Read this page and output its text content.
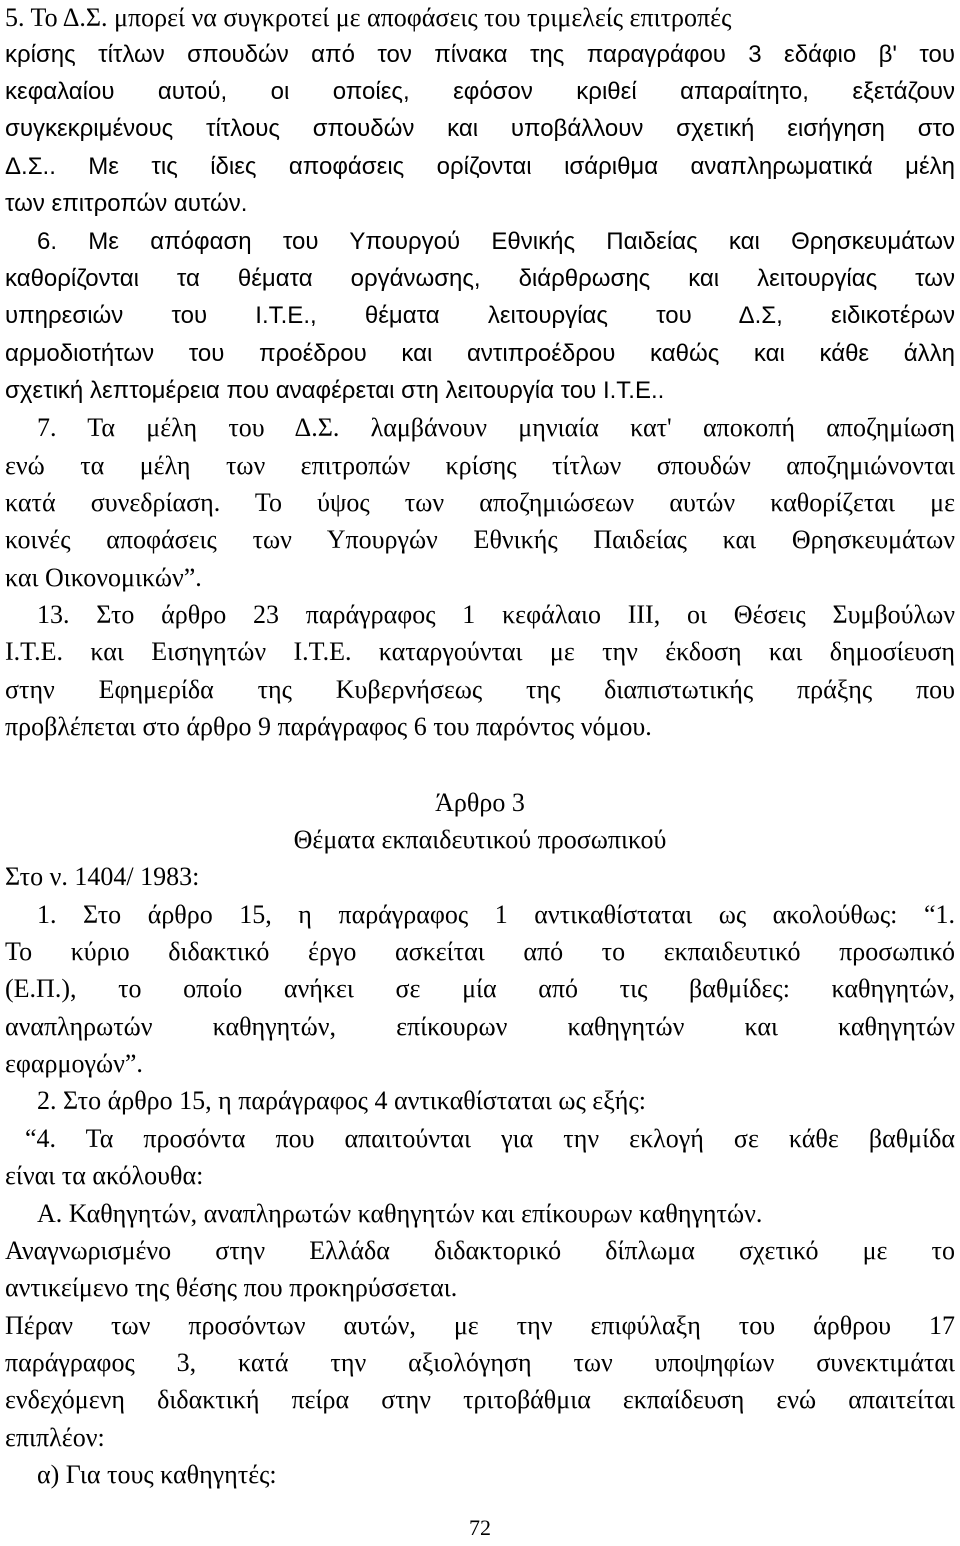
5. Το Δ.Σ. μπορεί να συγκροτεί με αποφάσεις του τριμελείς επιτροπές
κρίσης τίτλων σπουδών από τον πίνακα της παραγράφου 3 εδάφιο β' του
κεφαλαίου αυτού, οι οποίες, εφόσον κριθεί απαραίτητο, εξετάζουν
συγκεκριμένους τίτλους σπουδών και υποβάλλουν σχετική εισήγηση στο
Δ.Σ.. Με τις ίδιες αποφάσεις ορίζονται ισάριθμα αναπληρωματικά μέλη
των επιτροπών αυτών.
6. Με απόφαση του Υπουργού Εθνικής Παιδείας και Θρησκευμάτων
καθορίζονται τα θέματα οργάνωσης, διάρθρωσης και λειτουργίας των
υπηρεσιών του Ι.Τ.Ε., θέματα λειτουργίας του Δ.Σ, ειδικοτέρων
αρμοδιοτήτων του προέδρου και αντιπροέδρου καθώς και κάθε άλλη
σχετική λεπτομέρεια που αναφέρεται στη λειτουργία του Ι.Τ.Ε..
7. Τα μέλη του Δ.Σ. λαμβάνουν μηνιαία κατ' αποκοπή αποζημίωση
ενώ τα μέλη των επιτροπών κρίσης τίτλων σπουδών αποζημιώνονται
κατά συνεδρίαση. Το ύψος των αποζημιώσεων αυτών καθορίζεται με
κοινές αποφάσεις των Υπουργών Εθνικής Παιδείας και Θρησκευμάτων
και Οικονομικών”.
13. Στο άρθρο 23 παράγραφος 1 κεφάλαιο ΙΙΙ, οι Θέσεις Συμβούλων
Ι.Τ.Ε. και Εισηγητών Ι.Τ.Ε. καταργούνται με την έκδοση και δημοσίευση
στην Εφημερίδα της Κυβερνήσεως της διαπιστωτικής πράξης που
προβλέπεται στο άρθρο 9 παράγραφος 6 του παρόντος νόμου.
Άρθρο 3
Θέματα εκπαιδευτικού προσωπικού
Στο ν. 1404/ 1983:
1. Στο άρθρο 15, η παράγραφος 1 αντικαθίσταται ως ακολούθως: “1.
Το κύριο διδακτικό έργο ασκείται από το εκπαιδευτικό προσωπικό
(Ε.Π.), το οποίο ανήκει σε μία από τις βαθμίδες: καθηγητών,
αναπληρωτών καθηγητών, επίκουρων καθηγητών και καθηγητών
εφαρμογών”.
2. Στο άρθρο 15, η παράγραφος 4 αντικαθίσταται ως εξής:
“4. Τα προσόντα που απαιτούνται για την εκλογή σε κάθε βαθμίδα
είναι τα ακόλουθα:
Α. Καθηγητών, αναπληρωτών καθηγητών και επίκουρων καθηγητών.
Αναγνωρισμένο στην Ελλάδα διδακτορικό δίπλωμα σχετικό με το
αντικείμενο της θέσης που προκηρύσσεται.
Πέραν των προσόντων αυτών, με την επιφύλαξη του άρθρου 17
παράγραφος 3, κατά την αξιολόγηση των υποψηφίων συνεκτιμάται
ενδεχόμενη διδακτική πείρα στην τριτοβάθμια εκπαίδευση ενώ απαιτείται
επιπλέον:
α) Για τους καθηγητές:
72
